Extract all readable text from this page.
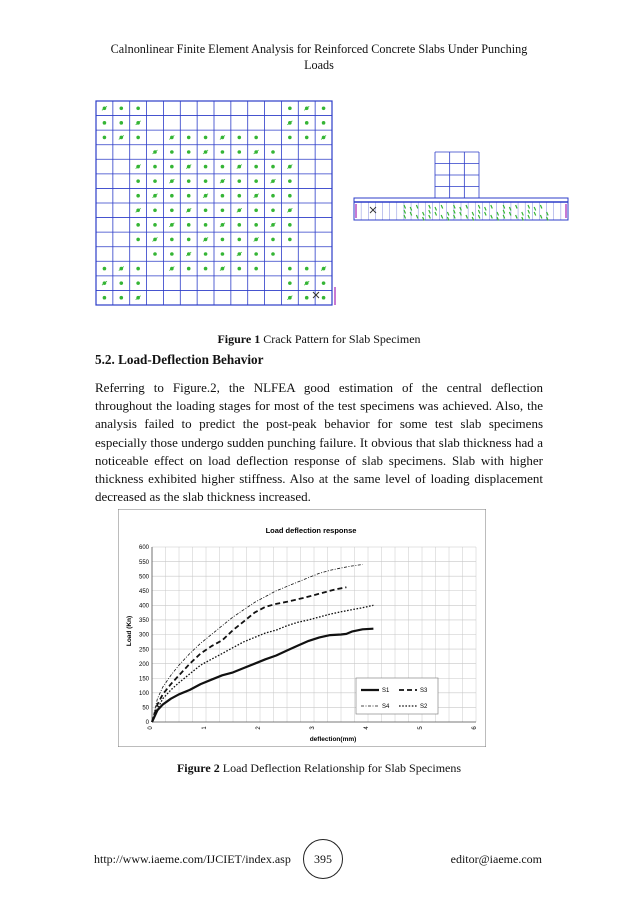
Calnonlinear Finite Element Analysis for Reinforced Concrete Slabs Under Punching
Loads
Figure 1 Crack Pattern for Slab Specimen
5.2. Load-Deflection Behavior

Referring to Figure.2, the NLFEA good estimation of the central deflection throughout the loading stages for most of the test specimens was achieved. Also, the analysis failed to predict the post-peak behavior for some test slab specimens especially those undergo sudden punching failure. It obvious that slab thickness had a noticeable effect on load deflection response of slab specimens. Slab with higher thickness exhibited higher stiffness. Also at the same level of loading displacement decreased as the slab thickness increased.

0
50
100
150
200
250
300
350
400
450
500
550
600
0	1	2	3	4	5	6
Load deflection response
deflection(mm)
Load (Kn)
S1	S3
S4	S2
Figure 2 Load Deflection Relationship for Slab Specimens
http://www.iaeme.com/IJCIET/index.asp	395	editor@iaeme.com
